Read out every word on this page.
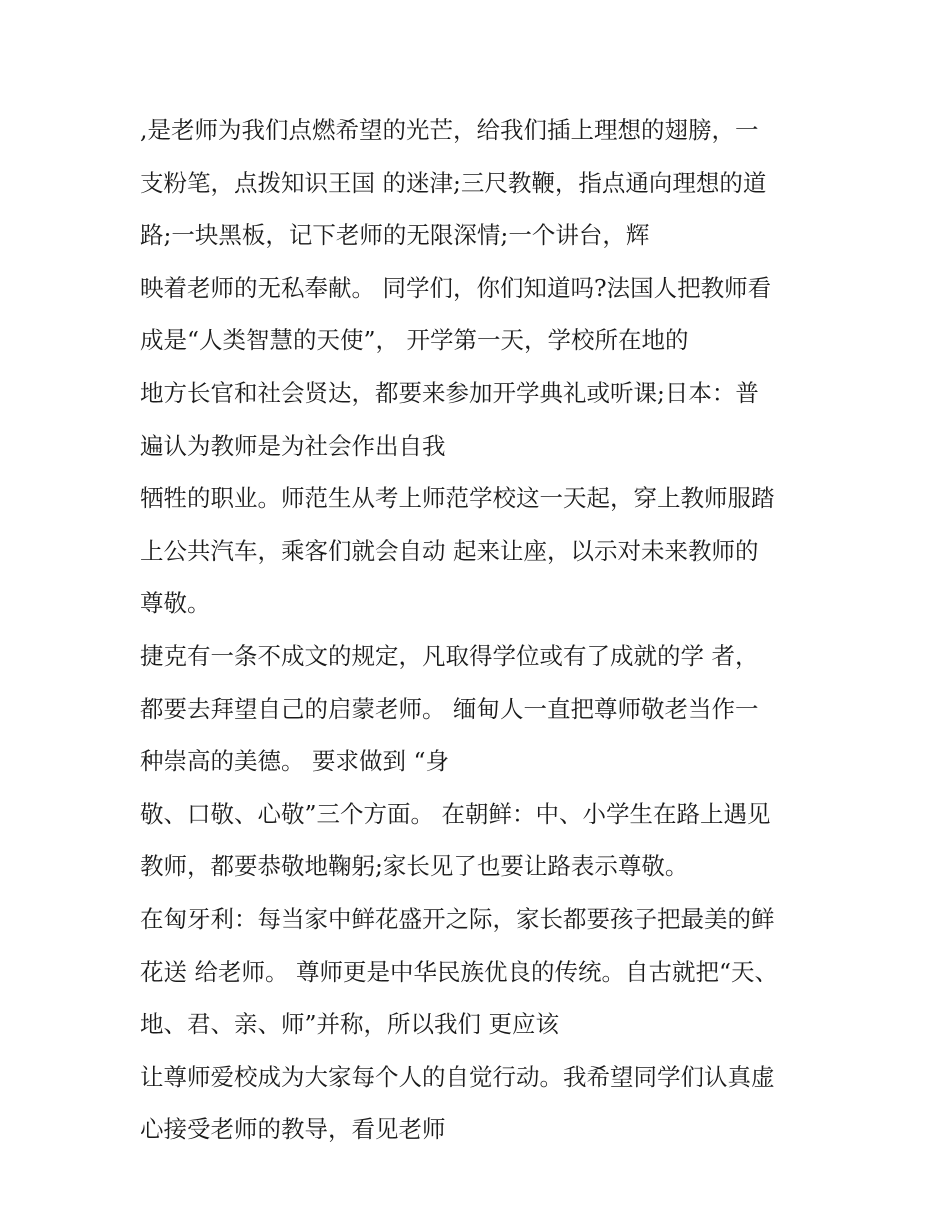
,是老师为我们点燃希望的光芒，给我们插上理想的翅膀，一
支粉笔，点拨知识王国 的迷津;三尺教鞭，指点通向理想的道
路;一块黑板，记下老师的无限深情;一个讲台，辉
映着老师的无私奉献。 同学们，你们知道吗?法国人把教师看
成是“人类智慧的天使”， 开学第一天，学校所在地的
地方长官和社会贤达，都要来参加开学典礼或听课;日本：普
遍认为教师是为社会作出自我
牺牲的职业。师范生从考上师范学校这一天起，穿上教师服踏
上公共汽车，乘客们就会自动 起来让座，以示对未来教师的
尊敬。
捷克有一条不成文的规定，凡取得学位或有了成就的学 者，
都要去拜望自己的启蒙老师。 缅甸人一直把尊师敬老当作一
种崇高的美德。 要求做到 “身
敬、口敬、心敬”三个方面。 在朝鲜：中、小学生在路上遇见
教师，都要恭敬地鞠躬;家长见了也要让路表示尊敬。
在匈牙利：每当家中鲜花盛开之际，家长都要孩子把最美的鲜
花送 给老师。 尊师更是中华民族优良的传统。自古就把“天、
地、君、亲、师”并称，所以我们 更应该
让尊师爱校成为大家每个人的自觉行动。我希望同学们认真虚
心接受老师的教导，看见老师
